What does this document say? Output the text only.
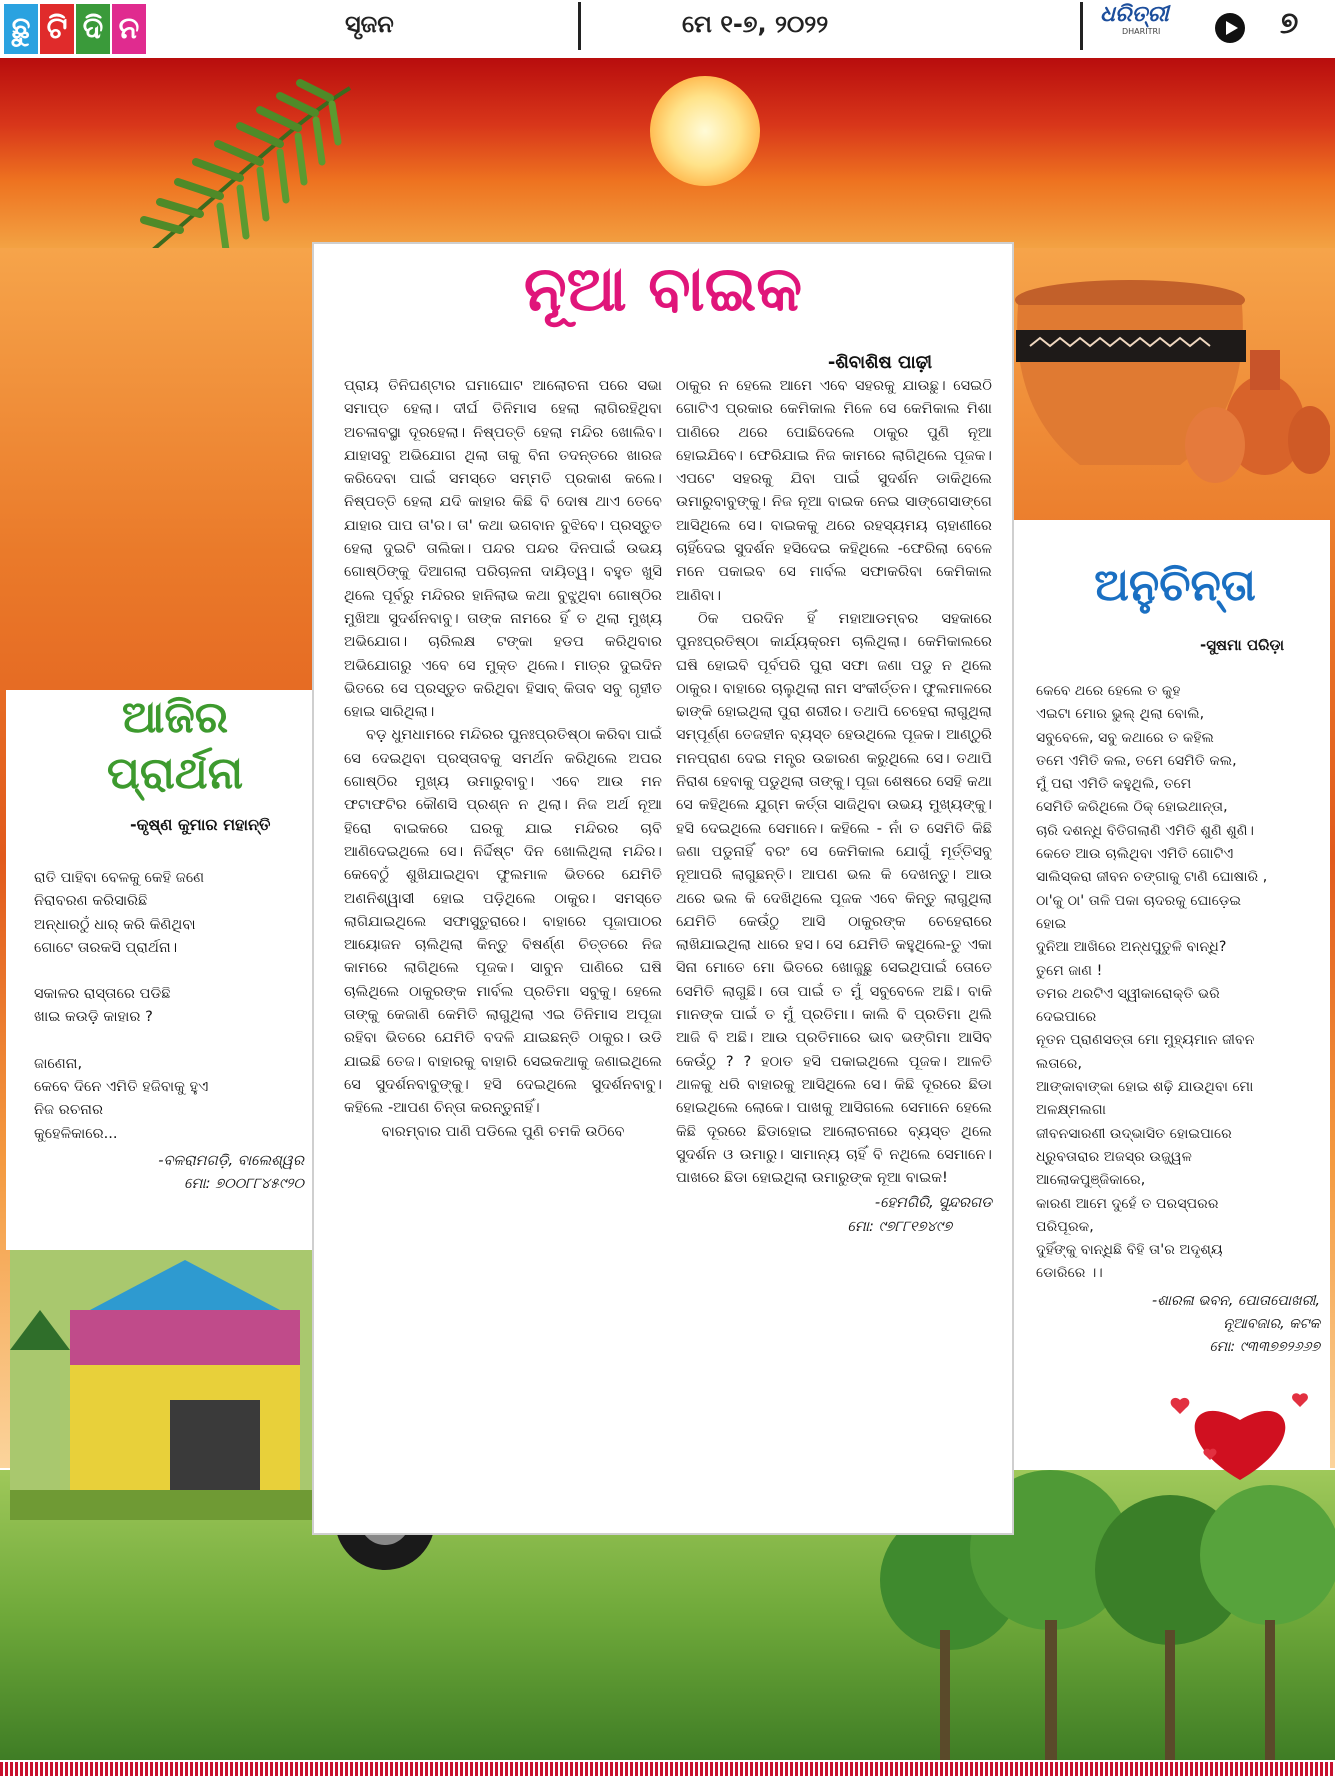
ଛୁ ଟି ଦି ନ	ସୃଜନ	ମେ ୧-୭, ୨୦୨୨	ଧରିତ୍ରୀ
DHARITRI	୭
ନୂଆ ବାଇକ
-ଶିବାଶିଷ ପାଢ଼ୀ

ପ୍ରାୟ ତିନିଘଣ୍ଟାର ଘମାଘୋଟ ଆଲୋଚନା ପରେ ସଭା ସମାପ୍ତ ହେଲା। ଦୀର୍ଘ ତିନିମାସ ହେଲା ଲାଗିରହିଥିବା ଅଚଳାବସ୍ଥା ଦୂରହେଲା। ନିଷ୍ପତ୍ତି ହେଲା ମନ୍ଦିର ଖୋଲିବ। ଯାହାସବୁ ଅଭିଯୋଗ ଥିଲା ତାକୁ ବିନା ତଦନ୍ତରେ ଖାରଜ କରିଦେବା ପାଇଁ ସମସ୍ତେ ସମ୍ମତି ପ୍ରକାଶ କଲେ। ନିଷ୍ପତ୍ତି ହେଲା ଯଦି କାହାର କିଛି ବି ଦୋଷ ଥାଏ ତେବେ ଯାହାର ପାପ ତା'ର। ତା' କଥା ଭଗବାନ ବୁଝିବେ। ପ୍ରସ୍ତୁତ ହେଲା ଦୁଇଟି ତାଲିକା। ପନ୍ଦର ପନ୍ଦର ଦିନପାଇଁ ଉଭୟ ଗୋଷ୍ଠିଙ୍କୁ ଦିଆଗଲା ପରିଚାଳନା ଦାୟିତ୍ୱ। ବହୁତ ଖୁସି ଥିଲେ ପୂର୍ବରୁ ମନ୍ଦିରର ହାନିଲାଭ କଥା ବୁଝୁଥିବା ଗୋଷ୍ଠିର ମୁଖିଆ ସୁଦର୍ଶନବାବୁ। ତାଙ୍କ ନାମରେ ହିଁ ତ ଥିଲା ମୁଖ୍ୟ ଅଭିଯୋଗ। ଚାରିଲକ୍ଷ ଟଙ୍କା ହଡପ କରିଥିବାର ଅଭିଯୋଗରୁ ଏବେ ସେ ମୁକ୍ତ ଥିଲେ। ମାତ୍ର ଦୁଇଦିନ ଭିତରେ ସେ ପ୍ରସ୍ତୁତ କରିଥିବା ହିସାବ୍ କିତାବ ସବୁ ଗୃହୀତ ହୋଇ ସାରିଥିଲା।

ବଡ଼ ଧୁମଧାମରେ ମନ୍ଦିରର ପୁନଃପ୍ରତିଷ୍ଠା କରିବା ପାଇଁ ସେ ଦେଇଥିବା ପ୍ରସ୍ତାବକୁ ସମର୍ଥନ କରିଥିଲେ ଅପର ଗୋଷ୍ଠିର ମୁଖ୍ୟ ଉମାରୁବାବୁ। ଏବେ ଆଉ ମନ ଫଟାଫଟିର କୌଣସି ପ୍ରଶ୍ନ ନ ଥିଲା। ନିଜ ଅର୍ଥ ନୂଆ ହିରୋ ବାଇକରେ ଘରକୁ ଯାଇ ମନ୍ଦିରର ଚାବି ଆଣିଦେଇଥିଲେ ସେ। ନିର୍ଦ୍ଦିଷ୍ଟ ଦିନ ଖୋଲିଥିଲା ମନ୍ଦିର। କେବେଠୁଁ ଶୁଖିଯାଇଥିବା ଫୁଲମାଳ ଭିତରେ ଯେମିତି ଅଣନିଶ୍ୱାସୀ ହୋଇ ପଡ଼ିଥିଲେ ଠାକୁର। ସମସ୍ତେ ଲାଗିଯାଇଥିଲେ ସଫାସୁତୁରାରେ। ବାହାରେ ପୂଜାପାଠର ଆୟୋଜନ ଚାଲିଥିଲା କିନ୍ତୁ ବିଷର୍ଣ୍ଣ ଚିତ୍ତରେ ନିଜ କାମରେ ଲାଗିଥିଲେ ପୂଜକ। ସାବୁନ ପାଣିରେ ଘଷି ଚାଲିଥିଲେ ଠାକୁରଙ୍କ ମାର୍ବଲ ପ୍ରତିମା ସବୁକୁ। ହେଲେ ତାଙ୍କୁ କେଜାଣି କେମିତି ଲାଗୁଥିଲା ଏଇ ତିନିମାସ ଅପୂଜା ରହିବା ଭିତରେ ଯେମିତି ବଦଳି ଯାଇଛନ୍ତି ଠାକୁର। ଉଡି ଯାଇଛି ତେଜ। ବାହାରକୁ ବାହାରି ସେଇକଥାକୁ ଜଣାଇଥିଲେ ସେ ସୁଦର୍ଶନବାବୁଙ୍କୁ। ହସି ଦେଇଥିଲେ ସୁଦର୍ଶନବାବୁ। କହିଲେ -ଆପଣ ଚିନ୍ତା କରନ୍ତୁନାହିଁ।

ବାରମ୍ବାର ପାଣି ପଡିଲେ ପୁଣି ଚମକି ଉଠିବେ

ଠାକୁର ନ ହେଲେ ଆମେ ଏବେ ସହରକୁ ଯାଉଛୁ। ସେଇଠି ଗୋଟିଏ ପ୍ରକାର କେମିକାଲ ମିଳେ ସେ କେମିକାଲ ମିଶା ପାଣିରେ ଥରେ ପୋଛିଦେଲେ ଠାକୁର ପୁଣି ନୂଆ ହୋଇଯିବେ। ଫେରିଯାଇ ନିଜ କାମରେ ଲାଗିଥିଲେ ପୂଜକ। ଏପଟେ ସହରକୁ ଯିବା ପାଇଁ ସୁଦର୍ଶନ ଡାକିଥିଲେ ଉମାରୁବାବୁଙ୍କୁ। ନିଜ ନୂଆ ବାଇକ ନେଇ ସାଙ୍ଗେସାଙ୍ଗେ ଆସିଥିଲେ ସେ। ବାଇକକୁ ଥରେ ରହସ୍ୟମୟ ଚାହାଣୀରେ ଚାହିଁଦେଇ ସୁଦର୍ଶନ ହସିଦେଇ କହିଥିଲେ -ଫେରିଲା ବେଳେ ମନେ ପକାଇବ ସେ ମାର୍ବଲ ସଫାକରିବା କେମିକାଲ ଆଣିବା।

ଠିକ ପରଦିନ ହିଁ ମହାଆଡମ୍ବର ସହକାରେ ପୁନଃପ୍ରତିଷ୍ଠା କାର୍ଯ୍ୟକ୍ରମ ଚାଲିଥିଲା। କେମିକାଲରେ ଘଷି ହୋଇବି ପୂର୍ବପରି ପୁରା ସଫା ଜଣା ପଡୁ ନ ଥିଲେ ଠାକୁର। ବାହାରେ ଚାଲୁଥିଲା ନାମ ସଂକୀର୍ତ୍ତନ। ଫୁଲମାଳରେ ଢାଙ୍କି ହୋଇଥିଲା ପୁରା ଶରୀର। ତଥାପି ଚେହେରା ଲାଗୁଥିଲା ସମ୍ପୂର୍ଣ୍ଣ ତେଜହୀନ ବ୍ୟସ୍ତ ହେଉଥିଲେ ପୂଜକ। ଆଣ୍ଠୁରି ମନପ୍ରାଣ ଦେଇ ମନ୍ତ୍ର ଉଚ୍ଚାରଣ କରୁଥିଲେ ସେ। ତଥାପି ନିରାଶ ହେବାକୁ ପଡୁଥିଲା ତାଙ୍କୁ। ପୂଜା ଶେଷରେ ସେହି କଥା ସେ କହିଥିଲେ ଯୁଗ୍ମ କର୍ତ୍ତା ସାଜିଥିବା ଉଭୟ ମୁଖ୍ୟଙ୍କୁ। ହସି ଦେଇଥିଲେ ସେମାନେ। କହିଲେ - ନାଁ ତ ସେମିତି କିଛି ଜଣା ପଡୁନାହିଁ ବରଂ ସେ କେମିକାଲ ଯୋଗୁଁ ମୂର୍ତ୍ତିସବୁ ନୂଆପରି ଲାଗୁଛନ୍ତି। ଆପଣ ଭଲ କି ଦେଖନ୍ତୁ। ଆଉ ଥରେ ଭଲ କି ଦେଖିଥିଲେ ପୂଜକ ଏବେ କିନ୍ତୁ ଲାଗୁଥିଲା ଯେମିତି କେଉଁଠୁ ଆସି ଠାକୁରଙ୍କ ଚେହେରାରେ ଲାଖିଯାଇଥିଲା ଧାରେ ହସ। ସେ ଯେମିତି କହୁଥିଲେ-ତୁ ଏକା ସିନା ମୋତେ ମୋ ଭିତରେ ଖୋଜୁଛୁ ସେଇଥିପାଇଁ ତୋତେ ସେମିତି ଲାଗୁଛି। ତୋ ପାଇଁ ତ ମୁଁ ସବୁବେଳେ ଅଛି। ବାକି ମାନଙ୍କ ପାଇଁ ତ ମୁଁ ପ୍ରତିମା। କାଲି ବି ପ୍ରତିମା ଥିଲି ଆଜି ବି ଅଛି। ଆଉ ପ୍ରତିମାରେ ଭାବ ଭଙ୍ଗିମା ଆସିବ କେଉଁଠୁ ? ? ହଠାତ ହସି ପକାଇଥିଲେ ପୂଜକ। ଆଳତି ଥାଳକୁ ଧରି ବାହାରକୁ ଆସିଥିଲେ ସେ। କିଛି ଦୂରରେ ଛିଡା ହୋଇଥିଲେ ଲୋକେ। ପାଖକୁ ଆସିଗଲେ ସେମାନେ ହେଲେ କିଛି ଦୂରରେ ଛିଡାହୋଇ ଆଲୋଚନାରେ ବ୍ୟସ୍ତ ଥିଲେ ସୁଦର୍ଶନ ଓ ଉମାରୁ। ସାମାନ୍ୟ ଚାହିଁ ବି ନଥିଲେ ସେମାନେ। ପାଖରେ ଛିଡା ହୋଇଥିଲା ଉମାରୁଙ୍କ ନୂଆ ବାଇକ!

-ହେମଗିରି, ସୁନ୍ଦରଗଡ
ମୋ: ୯୭୮୮୧୭୪୯୭
ଆଜିର
ପ୍ରାର୍ଥନା
-କୃଷ୍ଣ କୁମାର ମହାନ୍ତି
ରାତି ପାହିବା ବେଳକୁ କେହି ଜଣେ
ନିରାବରଣ କରିସାରିଛି
ଅନ୍ଧାରଠୁଁ ଧାର୍ କରି କିଣିଥିବା
ଗୋଟେ ତାରକସି ପ୍ରାର୍ଥନା।
ସକାଳର ରାସ୍ତାରେ ପଡିଛି
ଖାଇ କଉଡ଼ି କାହାର ?
ଜାଣେନା,
କେବେ ଦିନେ ଏମିତି ହଜିବାକୁ ହୁଏ
ନିଜ ରଚନାର
କୁହେଳିକାରେ...
-ବଳରାମଗଡ଼ି, ବାଲେଶ୍ୱର
ମୋ: ୭୦୦୮୮୪୫୯୨୦
ଅନୁଚିନ୍ତା
-ସୁଷମା ପରିଡ଼ା
କେବେ ଥରେ ହେଲେ ତ କୁହ
ଏଇଟା ମୋର ଭୁଲ୍ ଥିଲା ବୋଲି,
ସବୁବେଳେ, ସବୁ କଥାରେ ତ କହିଲ
ତମେ ଏମିତି କଲ, ତମେ ସେମିତି କଲ,
ମୁଁ ପରା ଏମିତି କହୁଥିଲି, ତମେ
ସେମିତି କରିଥିଲେ ଠିକ୍ ହୋଇଥାନ୍ତା,
ଚାରି ଦଶନ୍ଧି ବିତିଗଲାଣି ଏମିତି ଶୁଣି ଶୁଣି।
କେତେ ଆଉ ଚାଲିଥିବା ଏମିତି ଗୋଟିଏ
ସାଲିସ୍‌କରା ଜୀବନ ଚଙ୍ଗାକୁ ଟାଣି ଘୋଷାରି ,
ଠା'କୁ ଠା' ତାଳି ପକା ଚାଦରକୁ ଘୋଡ଼େଇ
ହୋଇ
ଦୁନିଆ ଆଖିରେ ଅନ୍ଧପୁତୁଳି ବାନ୍ଧି?
ତୁମେ ଜାଣ !
ତମର ଥରଟିଏ ସ୍ୱୀକାରୋକ୍ତି ଭରି
ଦେଇପାରେ
ନୂତନ ପ୍ରାଣସତ୍ତା ମୋ ମୁହ୍ୟମାନ ଜୀବନ
ଲତାରେ,
ଆଙ୍କାବାଙ୍କା ହୋଇ ଶଢ଼ି ଯାଉଥିବା ମୋ
ଅଳକ୍ଷ୍ମଲଗା
ଜୀବନସାରଣୀ ଉଦ୍‌ଭାସିତ ହୋଇପାରେ
ଧ୍ରୁବତାରାର ଅଜସ୍ର ଉଜ୍ଜ୍ୱଳ
ଆଲୋକପୁଞ୍ଜିକାରେ,
କାରଣ ଆମେ ଦୁହେଁ ତ ପରସ୍ପରର
ପରିପୂରକ,
ଦୁହିଁଙ୍କୁ ବାନ୍ଧିଛି ବିହି ତା'ର ଅଦୃଶ୍ୟ
ଡୋରିରେ ।।
-ଶାରଳା ଭବନ, ପୋତାପୋଖରୀ,
ନୂଆବଜାର, କଟକ
ମୋ: ୯୩୩୭୭୨୬୬୭
